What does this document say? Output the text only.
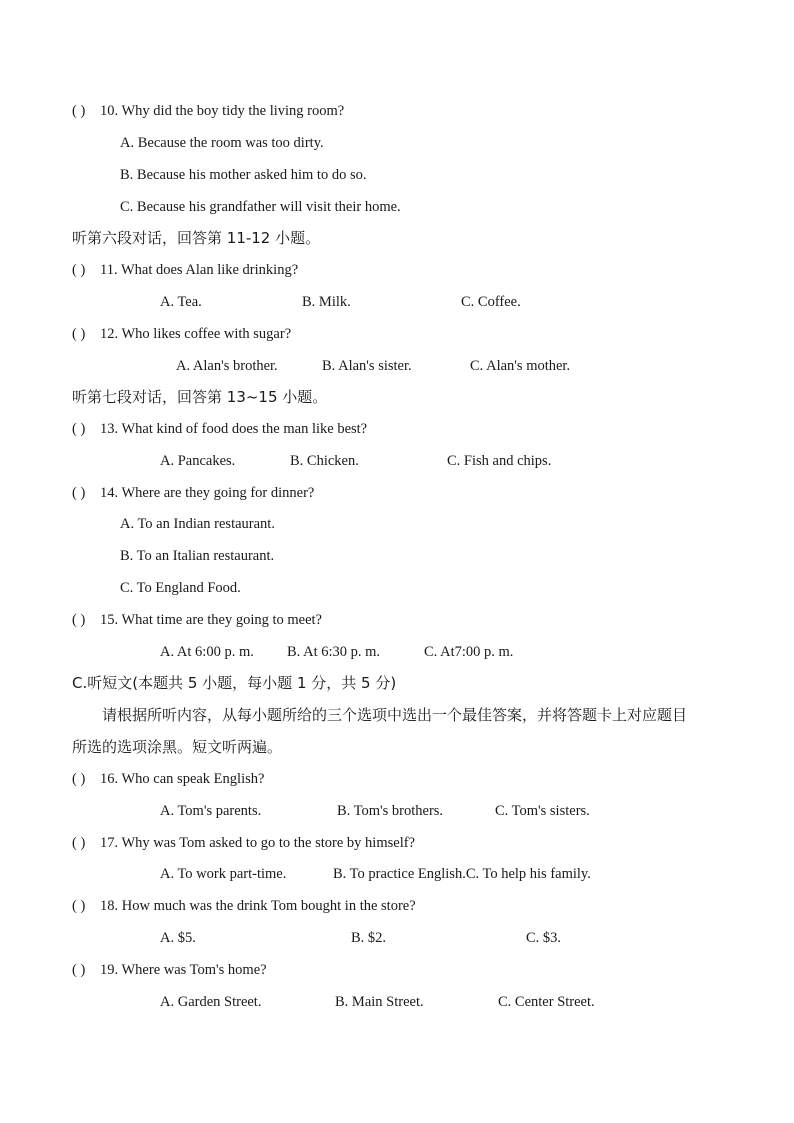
( ) 10. Why did the boy tidy the living room?
A. Because the room was too dirty.
B. Because his mother asked him to do so.
C. Because his grandfather will visit their home.
听第六段对话，回答第 11-12 小题。
( ) 11. What does Alan like drinking?
A. Tea.	B. Milk.	C. Coffee.
( ) 12. Who likes coffee with sugar?
A. Alan's brother.	B. Alan's sister.	C. Alan's mother.
听第七段对话，回答第 13~15 小题。
( ) 13. What kind of food does the man like best?
A. Pancakes.	B. Chicken.	C. Fish and chips.
( ) 14. Where are they going for dinner?
A. To an Indian restaurant.
B. To an Italian restaurant.
C. To England Food.
( ) 15. What time are they going to meet?
A. At 6:00 p. m. B. At 6:30 p. m.	C. At7:00 p. m.
C.听短文(本题共 5 小题，每小题 1 分，共 5 分)
请根据所听内容，从每小题所给的三个选项中选出一个最佳答案，并将答题卡上对应题目
所选的选项涂黑。短文听两遍。
( ) 16. Who can speak English?
A. Tom's parents.	B. Tom's brothers.	C. Tom's sisters.
( ) 17. Why was Tom asked to go to the store by himself?
A. To work part-time.	B. To practice English.C. To help his family.
( ) 18. How much was the drink Tom bought in the store?
A. $5.	B. $2.	C. $3.
( ) 19. Where was Tom's home?
A. Garden Street.	B. Main Street.	C. Center Street.
